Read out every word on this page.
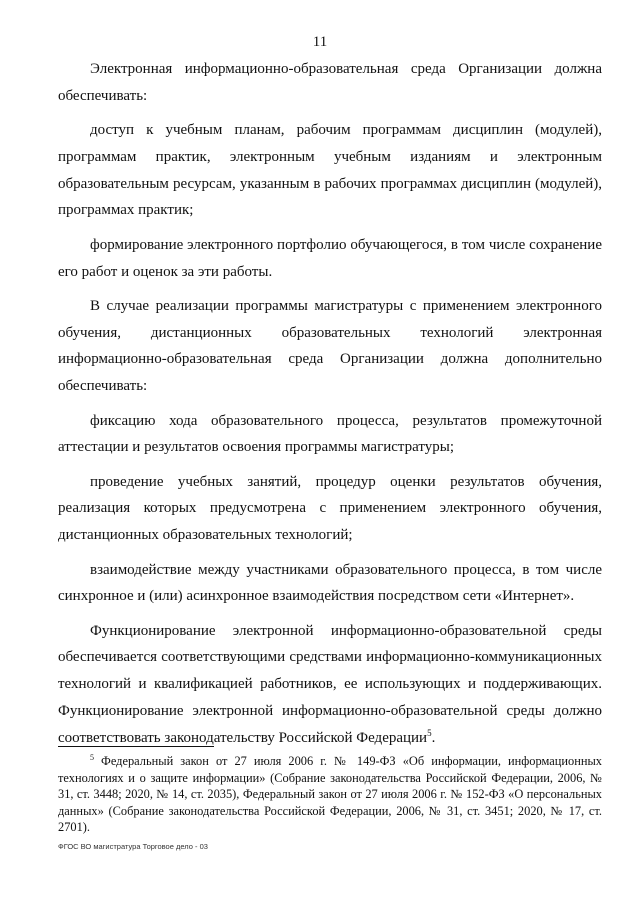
11

Электронная информационно-образовательная среда Организации должна обеспечивать:

доступ к учебным планам, рабочим программам дисциплин (модулей), программам практик, электронным учебным изданиям и электронным образовательным ресурсам, указанным в рабочих программах дисциплин (модулей), программах практик;

формирование электронного портфолио обучающегося, в том числе сохранение его работ и оценок за эти работы.

В случае реализации программы магистратуры с применением электронного обучения, дистанционных образовательных технологий электронная информационно-образовательная среда Организации должна дополнительно обеспечивать:

фиксацию хода образовательного процесса, результатов промежуточной аттестации и результатов освоения программы магистратуры;

проведение учебных занятий, процедур оценки результатов обучения, реализация которых предусмотрена с применением электронного обучения, дистанционных образовательных технологий;

взаимодействие между участниками образовательного процесса, в том числе синхронное и (или) асинхронное взаимодействия посредством сети «Интернет».

Функционирование электронной информационно-образовательной среды обеспечивается соответствующими средствами информационно-коммуникационных технологий и квалификацией работников, ее использующих и поддерживающих. Функционирование электронной информационно-образовательной среды должно соответствовать законодательству Российской Федерации$^5$.

$^5$ Федеральный закон от 27 июля 2006 г. № 149-ФЗ «Об информации, информационных технологиях и о защите информации» (Собрание законодательства Российской Федерации, 2006, № 31, ст. 3448; 2020, № 14, ст. 2035), Федеральный закон от 27 июля 2006 г. № 152-ФЗ «О персональных данных» (Собрание законодательства Российской Федерации, 2006, № 31, ст. 3451; 2020, № 17, ст. 2701).

ФГОС ВО магистратура Торговое дело - 03
